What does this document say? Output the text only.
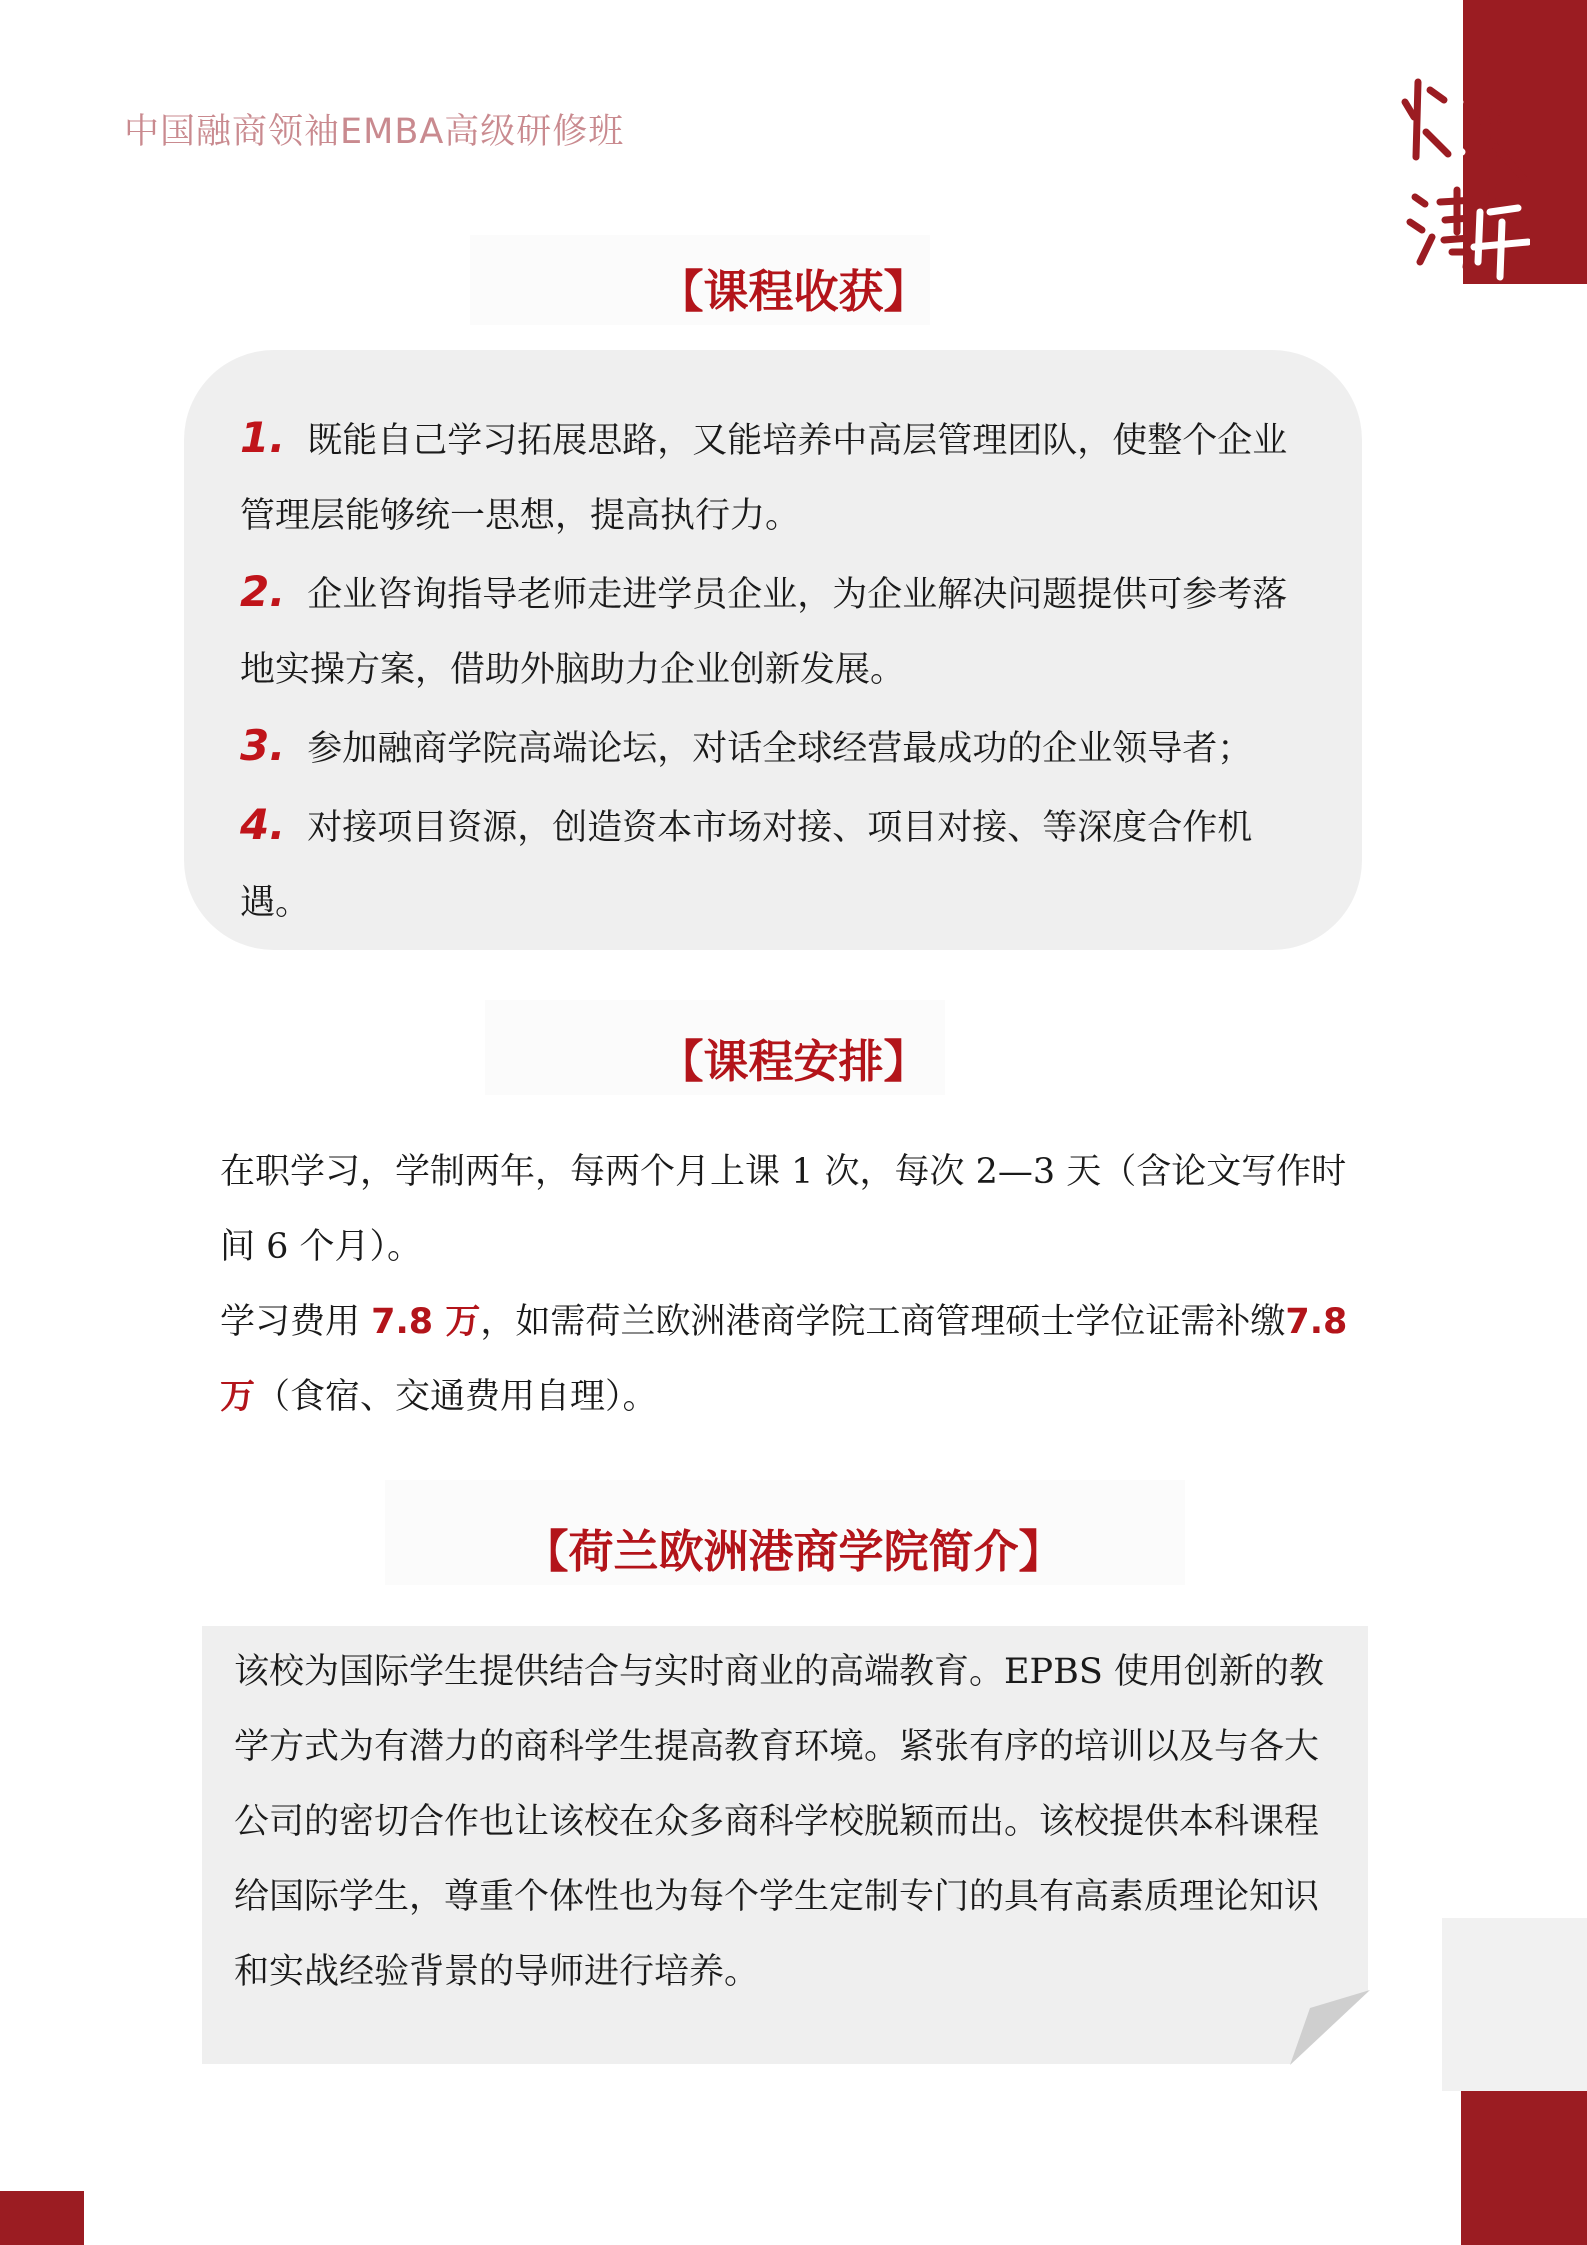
中国融商领袖EMBA高级研修班
【课程收获】
1. 既能自己学习拓展思路，又能培养中高层管理团队，使整个企业管理层能够统一思想，提高执行力。
2. 企业咨询指导老师走进学员企业，为企业解决问题提供可参考落地实操方案，借助外脑助力企业创新发展。
3. 参加融商学院高端论坛，对话全球经营最成功的企业领导者；
4. 对接项目资源，创造资本市场对接、项目对接、等深度合作机遇。
【课程安排】
在职学习，学制两年，每两个月上课 1 次，每次 2—3 天（含论文写作时间 6 个月）。
学习费用 7.8 万，如需荷兰欧洲港商学院工商管理硕士学位证需补缴7.8 万（食宿、交通费用自理）。
【荷兰欧洲港商学院简介】
该校为国际学生提供结合与实时商业的高端教育。EPBS 使用创新的教学方式为有潜力的商科学生提高教育环境。紧张有序的培训以及与各大公司的密切合作也让该校在众多商科学校脱颖而出。该校提供本科课程给国际学生，尊重个体性也为每个学生定制专门的具有高素质理论知识和实战经验背景的导师进行培养。
